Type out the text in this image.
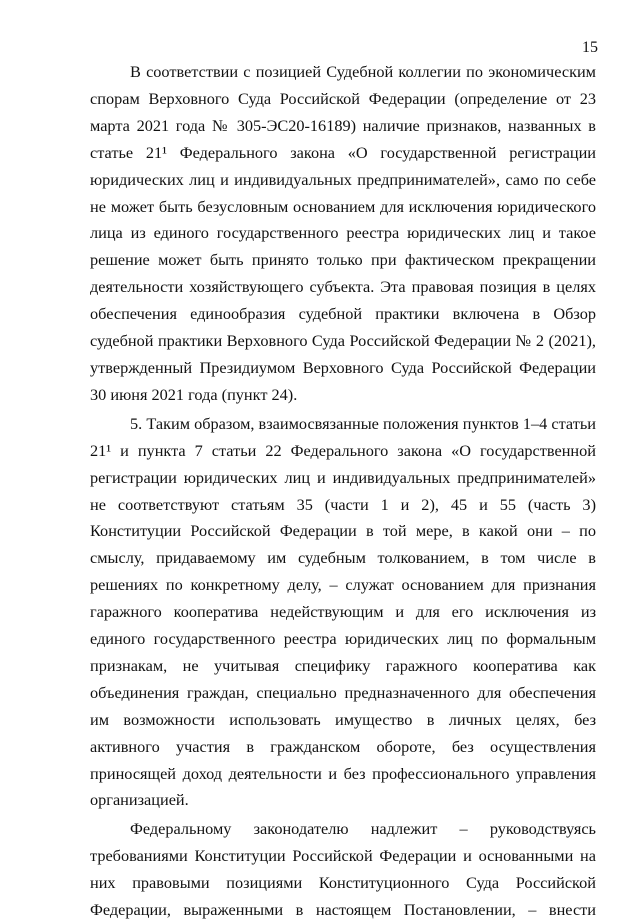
15

В соответствии с позицией Судебной коллегии по экономическим спорам Верховного Суда Российской Федерации (определение от 23 марта 2021 года № 305-ЭС20-16189) наличие признаков, названных в статье 21¹ Федерального закона «О государственной регистрации юридических лиц и индивидуальных предпринимателей», само по себе не может быть безусловным основанием для исключения юридического лица из единого государственного реестра юридических лиц и такое решение может быть принято только при фактическом прекращении деятельности хозяйствующего субъекта. Эта правовая позиция в целях обеспечения единообразия судебной практики включена в Обзор судебной практики Верховного Суда Российской Федерации № 2 (2021), утвержденный Президиумом Верховного Суда Российской Федерации 30 июня 2021 года (пункт 24).

5. Таким образом, взаимосвязанные положения пунктов 1–4 статьи 21¹ и пункта 7 статьи 22 Федерального закона «О государственной регистрации юридических лиц и индивидуальных предпринимателей» не соответствуют статьям 35 (части 1 и 2), 45 и 55 (часть 3) Конституции Российской Федерации в той мере, в какой они – по смыслу, придаваемому им судебным толкованием, в том числе в решениях по конкретному делу, – служат основанием для признания гаражного кооператива недействующим и для его исключения из единого государственного реестра юридических лиц по формальным признакам, не учитывая специфику гаражного кооператива как объединения граждан, специально предназначенного для обеспечения им возможности использовать имущество в личных целях, без активного участия в гражданском обороте, без осуществления приносящей доход деятельности и без профессионального управления организацией.

Федеральному законодателю надлежит – руководствуясь требованиями Конституции Российской Федерации и основанными на них правовыми позициями Конституционного Суда Российской Федерации, выраженными в настоящем Постановлении, – внести
